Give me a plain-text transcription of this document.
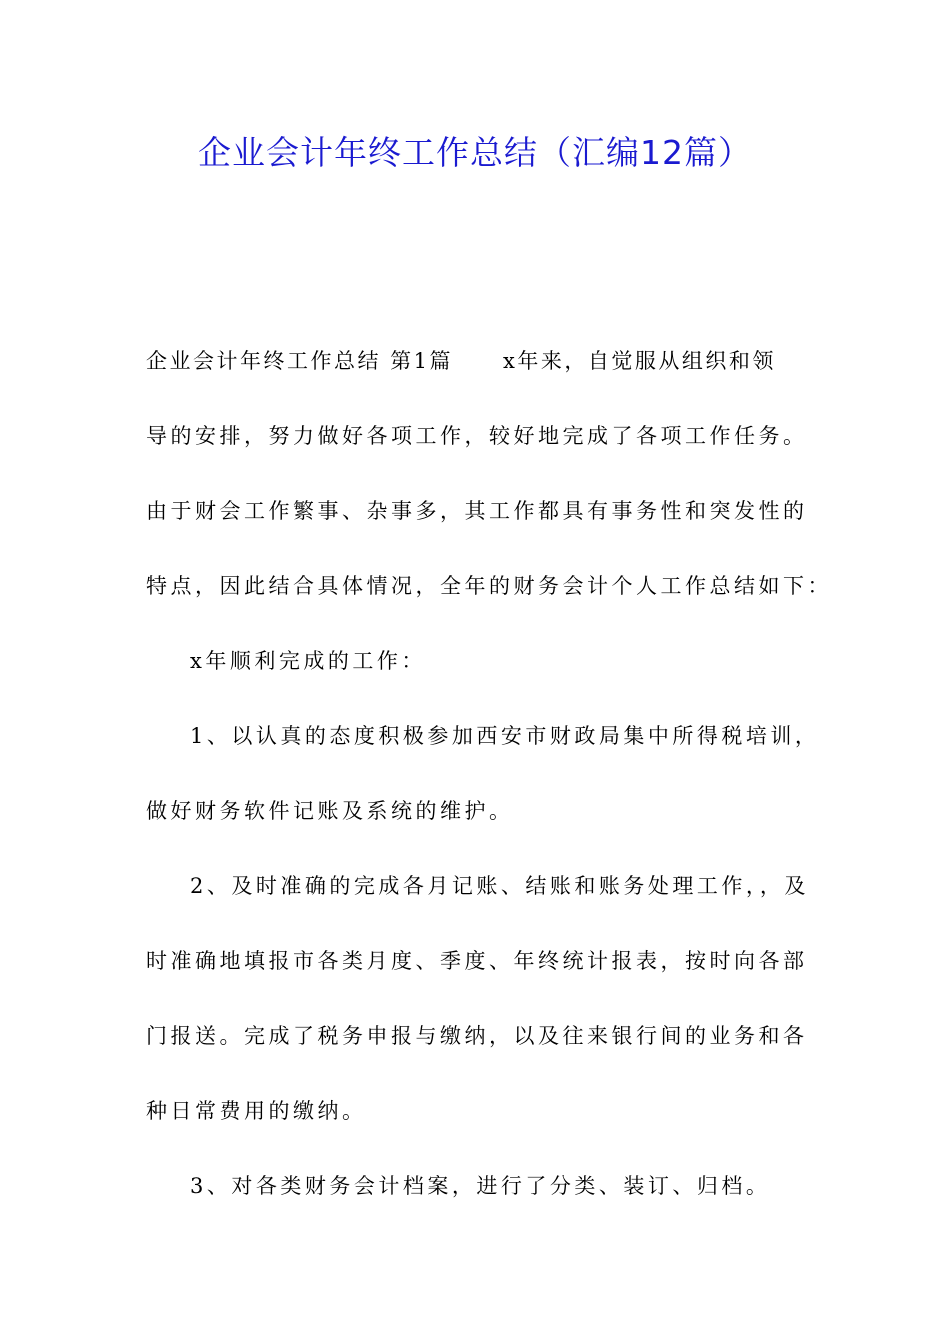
企业会计年终工作总结（汇编12篇）
企业会计年终工作总结 第1篇 x年来，自觉服从组织和领
导的安排，努力做好各项工作，较好地完成了各项工作任务。
由于财会工作繁事、杂事多，其工作都具有事务性和突发性的
特点，因此结合具体情况，全年的财务会计个人工作总结如下：
x年顺利完成的工作：
1、以认真的态度积极参加西安市财政局集中所得税培训，
做好财务软件记账及系统的维护。
2、及时准确的完成各月记账、结账和账务处理工作，，及
时准确地填报市各类月度、季度、年终统计报表，按时向各部
门报送。完成了税务申报与缴纳，以及往来银行间的业务和各
种日常费用的缴纳。
3、对各类财务会计档案，进行了分类、装订、归档。
